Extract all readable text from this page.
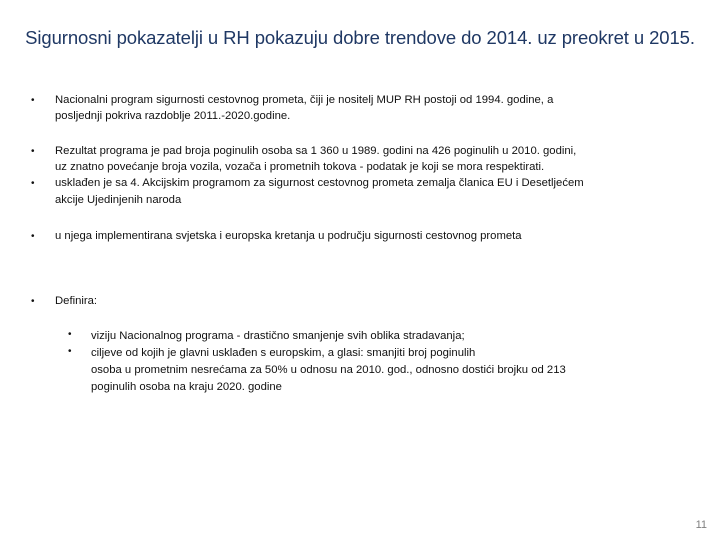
Sigurnosni pokazatelji u RH pokazuju dobre trendove do 2014. uz preokret u 2015.
•	Nacionalni program sigurnosti cestovnog prometa, čiji je nositelj MUP RH postoji od 1994. godine, a
posljednji pokriva razdoblje 2011.-2020.godine.
•	Rezultat programa je pad broja poginulih osoba sa 1 360 u 1989. godini na 426 poginulih u 2010. godini,
uz znatno povećanje broja vozila, vozača i prometnih tokova - podatak je koji se mora respektirati.
•	usklađen je sa 4. Akcijskim programom za sigurnost cestovnog prometa zemalja članica EU i Desetljećem
akcije Ujedinjenih naroda
•	u njega implementirana svjetska i europska kretanja u području sigurnosti cestovnog prometa
•	Definira:
• viziju Nacionalnog programa - drastično smanjenje svih oblika stradavanja;
• ciljeve od kojih je glavni usklađen s europskim, a glasi: smanjiti broj poginulih
osoba u prometnim nesrećama za 50% u odnosu na 2010. god., odnosno dostići brojku od 213
poginulih osoba na kraju 2020. godine
11
